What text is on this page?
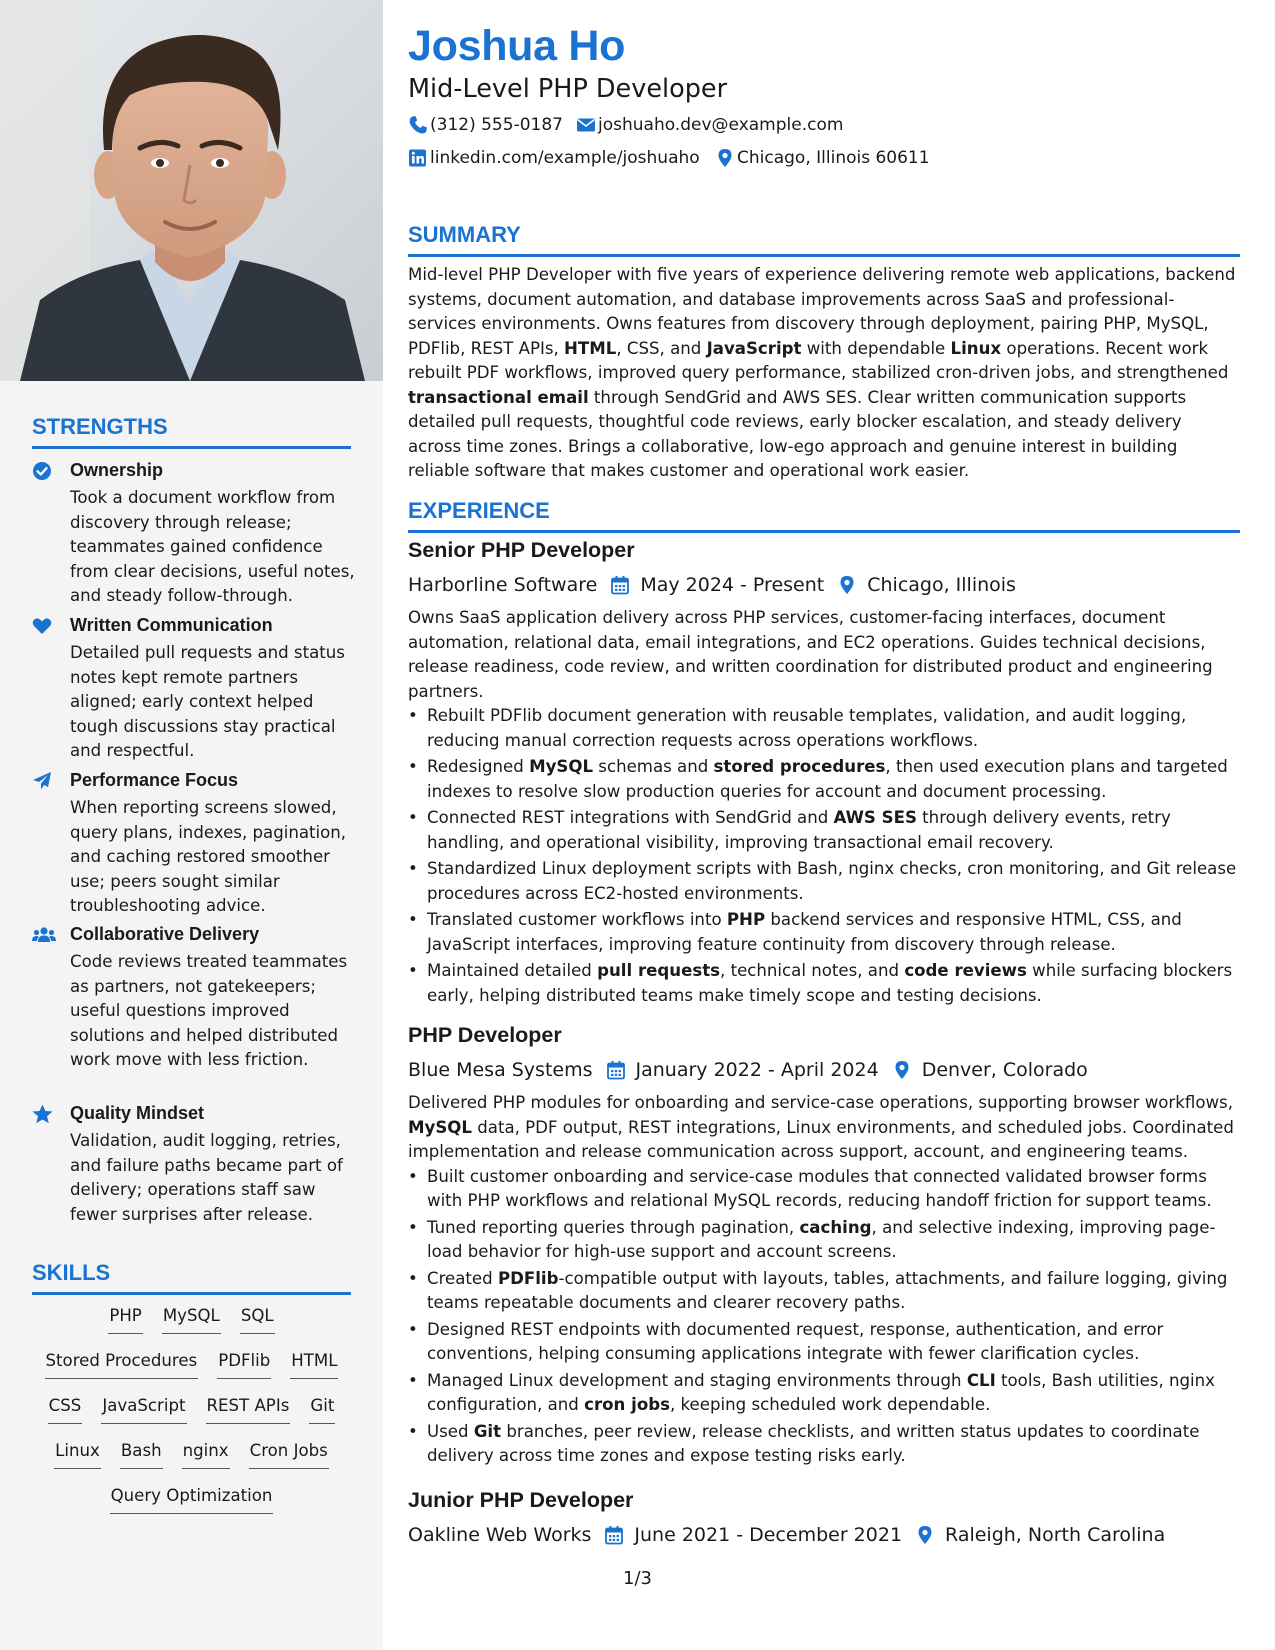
STRENGTHS
Ownership
Took a document workflow from discovery through release; teammates gained confidence from clear decisions, useful notes, and steady follow-through.
Written Communication
Detailed pull requests and status notes kept remote partners aligned; early context helped tough discussions stay practical and respectful.
Performance Focus
When reporting screens slowed, query plans, indexes, pagination, and caching restored smoother use; peers sought similar troubleshooting advice.
Collaborative Delivery
Code reviews treated teammates as partners, not gatekeepers; useful questions improved solutions and helped distributed work move with less friction.
Quality Mindset
Validation, audit logging, retries, and failure paths became part of delivery; operations staff saw fewer surprises after release.
SKILLS
PHP MySQL SQL
Stored Procedures PDFlib HTML
CSS JavaScript REST APIs Git
Linux Bash nginx Cron Jobs
Query Optimization
Joshua Ho
Mid-Level PHP Developer
(312) 555-0187 joshuaho.dev@example.com
linkedin.com/example/joshuaho Chicago, Illinois 60611
SUMMARY
Mid-level PHP Developer with five years of experience delivering remote web applications, backend systems, document automation, and database improvements across SaaS and professional-services environments. Owns features from discovery through deployment, pairing PHP, MySQL, PDFlib, REST APIs, HTML, CSS, and JavaScript with dependable Linux operations. Recent work rebuilt PDF workflows, improved query performance, stabilized cron-driven jobs, and strengthened transactional email through SendGrid and AWS SES. Clear written communication supports detailed pull requests, thoughtful code reviews, early blocker escalation, and steady delivery across time zones. Brings a collaborative, low-ego approach and genuine interest in building reliable software that makes customer and operational work easier.
EXPERIENCE
Senior PHP Developer
Harborline Software May 2024 - Present Chicago, Illinois
Owns SaaS application delivery across PHP services, customer-facing interfaces, document automation, relational data, email integrations, and EC2 operations. Guides technical decisions, release readiness, code review, and written coordination for distributed product and engineering partners.
• Rebuilt PDFlib document generation with reusable templates, validation, and audit logging, reducing manual correction requests across operations workflows.
• Redesigned MySQL schemas and stored procedures, then used execution plans and targeted indexes to resolve slow production queries for account and document processing.
• Connected REST integrations with SendGrid and AWS SES through delivery events, retry handling, and operational visibility, improving transactional email recovery.
• Standardized Linux deployment scripts with Bash, nginx checks, cron monitoring, and Git release procedures across EC2-hosted environments.
• Translated customer workflows into PHP backend services and responsive HTML, CSS, and JavaScript interfaces, improving feature continuity from discovery through release.
• Maintained detailed pull requests, technical notes, and code reviews while surfacing blockers early, helping distributed teams make timely scope and testing decisions.
PHP Developer
Blue Mesa Systems January 2022 - April 2024 Denver, Colorado
Delivered PHP modules for onboarding and service-case operations, supporting browser workflows, MySQL data, PDF output, REST integrations, Linux environments, and scheduled jobs. Coordinated implementation and release communication across support, account, and engineering teams.
• Built customer onboarding and service-case modules that connected validated browser forms with PHP workflows and relational MySQL records, reducing handoff friction for support teams.
• Tuned reporting queries through pagination, caching, and selective indexing, improving page-load behavior for high-use support and account screens.
• Created PDFlib-compatible output with layouts, tables, attachments, and failure logging, giving teams repeatable documents and clearer recovery paths.
• Designed REST endpoints with documented request, response, authentication, and error conventions, helping consuming applications integrate with fewer clarification cycles.
• Managed Linux development and staging environments through CLI tools, Bash utilities, nginx configuration, and cron jobs, keeping scheduled work dependable.
• Used Git branches, peer review, release checklists, and written status updates to coordinate delivery across time zones and expose testing risks early.
Junior PHP Developer
Oakline Web Works June 2021 - December 2021 Raleigh, North Carolina
1/3
